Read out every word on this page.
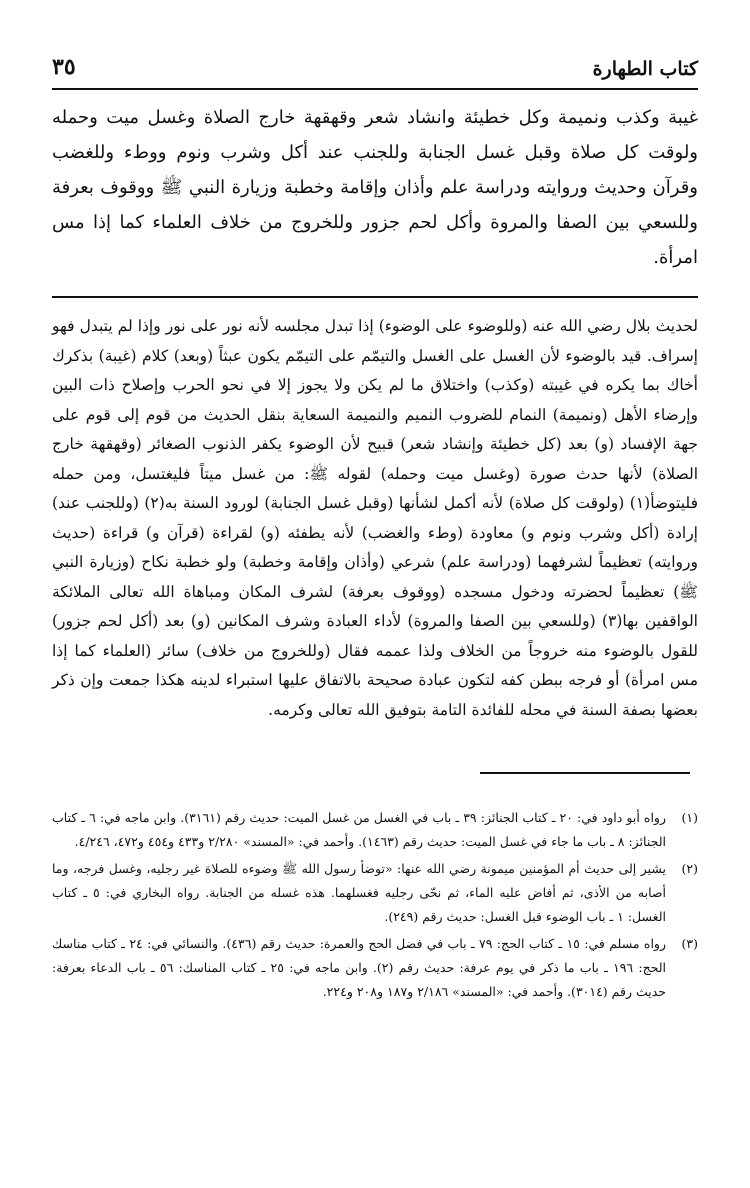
كتاب الطهارة
٣٥

غيبة وكذب ونميمة وكل خطيئة وانشاد شعر وقهقهة خارج الصلاة وغسل ميت وحمله ولوقت كل صلاة وقبل غسل الجنابة وللجنب عند أكل وشرب ونوم ووطء وللغضب وقرآن وحديث وروايته ودراسة علم وأذان وإقامة وخطبة وزيارة النبي ﷺ ووقوف بعرفة وللسعي بين الصفا والمروة وأكل لحم جزور وللخروج من خلاف العلماء كما إذا مس امرأة.

لحديث بلال رضي الله عنه (وللوضوء على الوضوء) إذا تبدل مجلسه لأنه نور على نور وإذا لم يتبدل فهو إسراف. قيد بالوضوء لأن الغسل على الغسل والتيمّم على التيمّم يكون عبثاً (وبعد) كلام (غيبة) بذكرك أخاك بما يكره في غيبته (وكذب) واختلاق ما لم يكن ولا يجوز إلا في نحو الحرب وإصلاح ذات البين وإرضاء الأهل (ونميمة) النمام للضروب النميم والنميمة السعاية بنقل الحديث من قوم إلى قوم على جهة الإفساد (و) بعد (كل خطيئة وإنشاد شعر) قبيح لأن الوضوء يكفر الذنوب الصغائر (وقهقهة خارج الصلاة) لأنها حدث صورة (وغسل ميت وحمله) لقوله ﷺ: من غسل ميتاً فليغتسل، ومن حمله فليتوضأ(١) (ولوقت كل صلاة) لأنه أكمل لشأنها (وقبل غسل الجنابة) لورود السنة به(٢) (وللجنب عند) إرادة (أكل وشرب ونوم و) معاودة (وطء والغضب) لأنه يطفئه (و) لقراءة (قرآن و) قراءة (حديث وروايته) تعظيماً لشرفهما (ودراسة علم) شرعي (وأذان وإقامة وخطبة) ولو خطبة نكاح (وزيارة النبي ﷺ) تعظيماً لحضرته ودخول مسجده (ووقوف بعرفة) لشرف المكان ومباهاة الله تعالى الملائكة الواقفين بها(٣) (وللسعي بين الصفا والمروة) لأداء العبادة وشرف المكانين (و) بعد (أكل لحم جزور) للقول بالوضوء منه خروجاً من الخلاف ولذا عممه فقال (وللخروج من خلاف) سائر (العلماء كما إذا مس امرأة) أو فرجه ببطن كفه لتكون عبادة صحيحة بالاتفاق عليها استبراء لدينه هكذا جمعت وإن ذكر بعضها بصفة السنة في محله للفائدة التامة بتوفيق الله تعالى وكرمه.

(١)
رواه أبو داود في: ٢٠ ـ كتاب الجنائز: ٣٩ ـ باب في الغسل من غسل الميت: حديث رقم (٣١٦١). وابن ماجه في: ٦ ـ كتاب الجنائز: ٨ ـ باب ما جاء في غسل الميت: حديث رقم (١٤٦٣). وأحمد في: «المسند» ٢/٢٨٠ و٤٣٣ و٤٥٤ و٤٧٢، ٤/٢٤٦.
(٢)
يشير إلى حديث أم المؤمنين ميمونة رضي الله عنها: «توضأ رسول الله ﷺ وضوءه للصلاة غير رجليه، وغسل فرجه، وما أصابه من الأذى، ثم أفاض عليه الماء، ثم نحّى رجليه فغسلهما. هذه غسله من الجنابة. رواه البخاري في: ٥ ـ كتاب الغسل: ١ ـ باب الوضوء قبل الغسل: حديث رقم (٢٤٩).
(٣)
رواه مسلم في: ١٥ ـ كتاب الحج: ٧٩ ـ باب في فضل الحج والعمرة: حديث رقم (٤٣٦). والنسائي في: ٢٤ ـ كتاب مناسك الحج: ١٩٦ ـ باب ما ذكر في يوم عرفة: حديث رقم (٢). وابن ماجه في: ٢٥ ـ كتاب المناسك: ٥٦ ـ باب الدعاء بعرفة: حديث رقم (٣٠١٤). وأحمد في: «المسند» ٢/١٨٦ و١٨٧ و٢٠٨ و٢٢٤.
